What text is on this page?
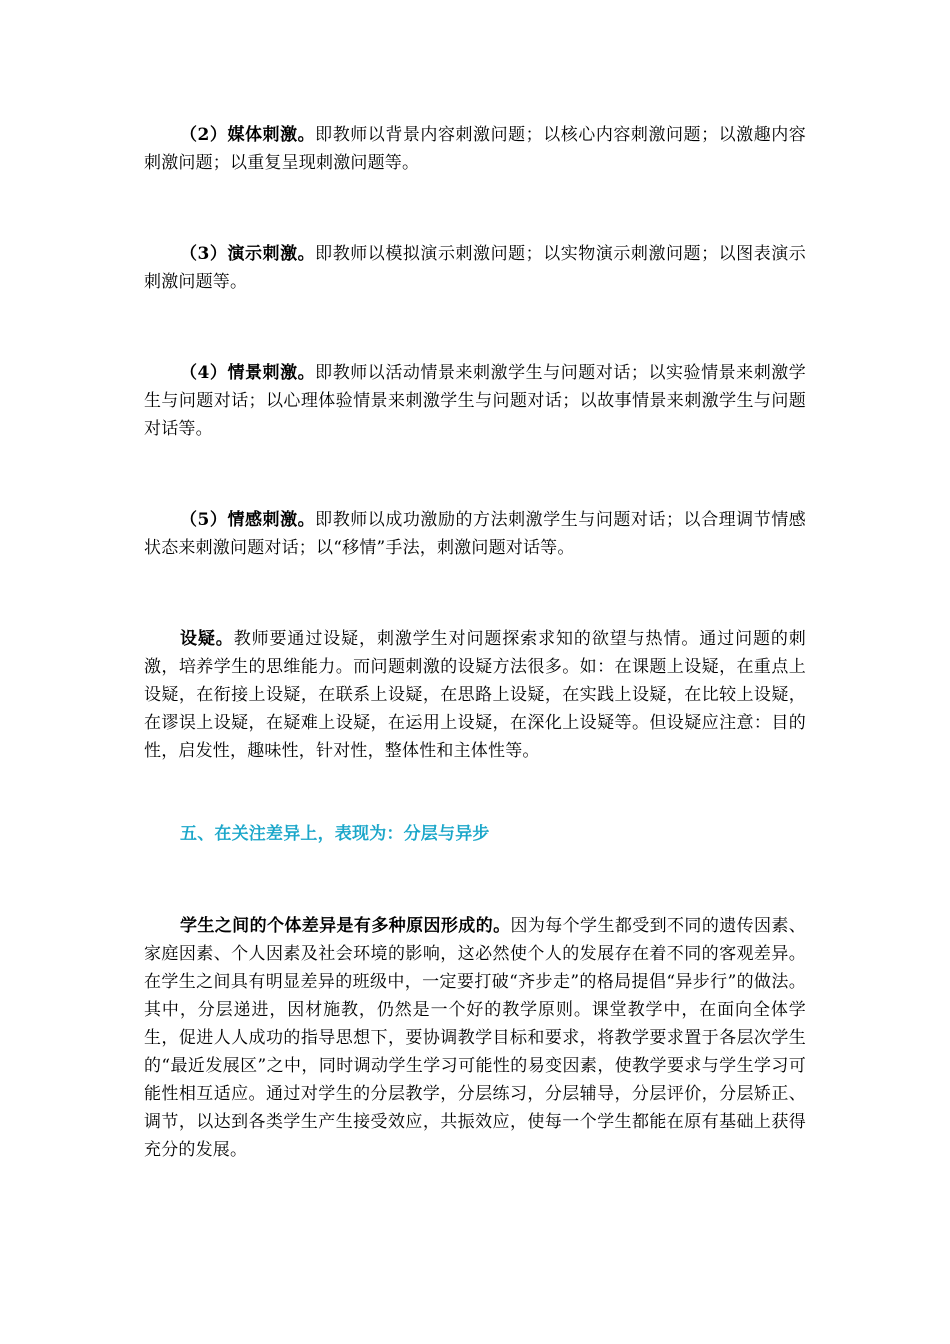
（2）媒体刺激。即教师以背景内容刺激问题；以核心内容刺激问题；以激趣内容刺激问题；以重复呈现刺激问题等。

（3）演示刺激。即教师以模拟演示刺激问题；以实物演示刺激问题；以图表演示刺激问题等。

（4）情景刺激。即教师以活动情景来刺激学生与问题对话；以实验情景来刺激学生与问题对话；以心理体验情景来刺激学生与问题对话；以故事情景来刺激学生与问题对话等。

（5）情感刺激。即教师以成功激励的方法刺激学生与问题对话；以合理调节情感状态来刺激问题对话；以“移情”手法，刺激问题对话等。

设疑。教师要通过设疑，刺激学生对问题探索求知的欲望与热情。通过问题的刺激，培养学生的思维能力。而问题刺激的设疑方法很多。如：在课题上设疑，在重点上设疑，在衔接上设疑，在联系上设疑，在思路上设疑，在实践上设疑，在比较上设疑，在谬误上设疑，在疑难上设疑，在运用上设疑，在深化上设疑等。但设疑应注意：目的性，启发性，趣味性，针对性，整体性和主体性等。

五、在关注差异上，表现为：分层与异步

学生之间的个体差异是有多种原因形成的。因为每个学生都受到不同的遗传因素、家庭因素、个人因素及社会环境的影响，这必然使个人的发展存在着不同的客观差异。在学生之间具有明显差异的班级中，一定要打破“齐步走”的格局提倡“异步行”的做法。其中，分层递进，因材施教，仍然是一个好的教学原则。课堂教学中，在面向全体学生，促进人人成功的指导思想下，要协调教学目标和要求，将教学要求置于各层次学生的“最近发展区”之中，同时调动学生学习可能性的易变因素，使教学要求与学生学习可能性相互适应。通过对学生的分层教学，分层练习，分层辅导，分层评价，分层矫正、调节，以达到各类学生产生接受效应，共振效应，使每一个学生都能在原有基础上获得充分的发展。
